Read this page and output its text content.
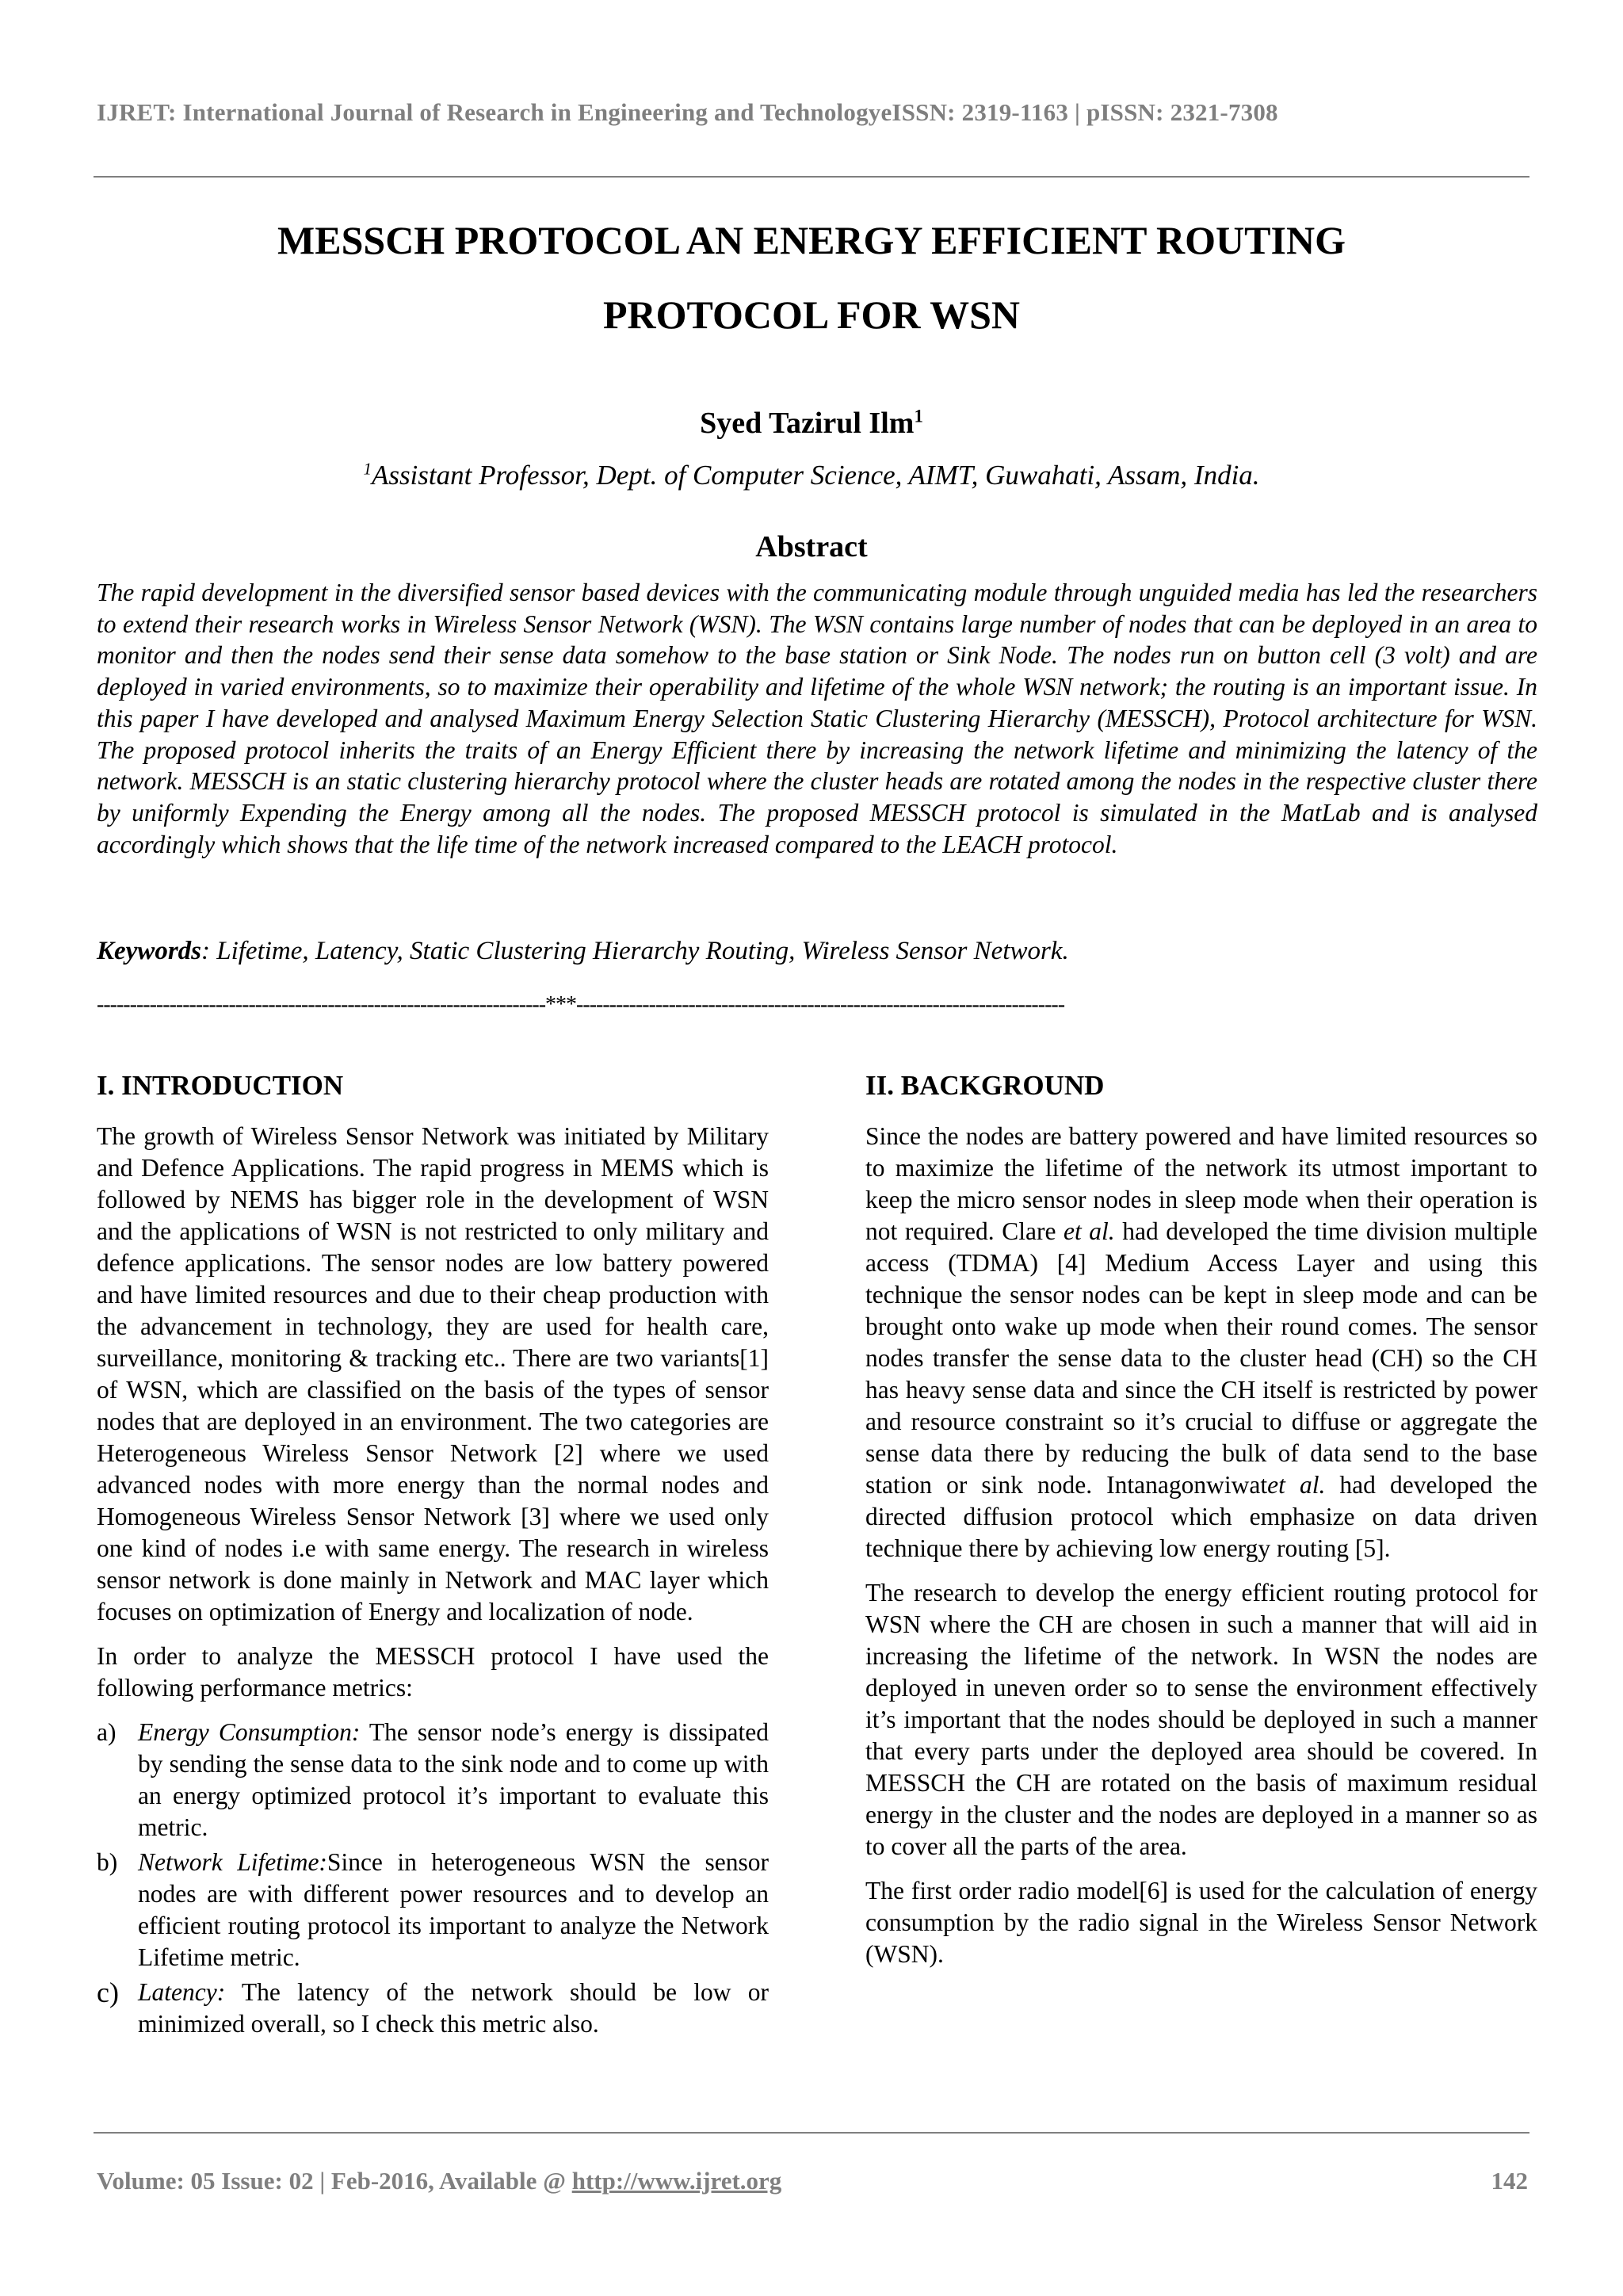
IJRET: International Journal of Research in Engineering and TechnologyeISSN: 2319-1163 | pISSN: 2321-7308
MESSCH PROTOCOL AN ENERGY EFFICIENT ROUTING
PROTOCOL FOR WSN
Syed Tazirul Ilm$^1$
$^1$Assistant Professor, Dept. of Computer Science, AIMT, Guwahati, Assam, India.
Abstract
The rapid development in the diversified sensor based devices with the communicating module through unguided media has led the researchers to extend their research works in Wireless Sensor Network (WSN). The WSN contains large number of nodes that can be deployed in an area to monitor and then the nodes send their sense data somehow to the base station or Sink Node. The nodes run on button cell (3 volt) and are deployed in varied environments, so to maximize their operability and lifetime of the whole WSN network; the routing is an important issue. In this paper I have developed and analysed Maximum Energy Selection Static Clustering Hierarchy (MESSCH), Protocol architecture for WSN. The proposed protocol inherits the traits of an Energy Efficient there by increasing the network lifetime and minimizing the latency of the network. MESSCH is an static clustering hierarchy protocol where the cluster heads are rotated among the nodes in the respective cluster there by uniformly Expending the Energy among all the nodes. The proposed MESSCH protocol is simulated in the MatLab and is analysed accordingly which shows that the life time of the network increased compared to the LEACH protocol.
Keywords: Lifetime, Latency, Static Clustering Hierarchy Routing, Wireless Sensor Network.
--------------------------------------------------------------------***--------------------------------------------------------------------------
I. INTRODUCTION

The growth of Wireless Sensor Network was initiated by Military and Defence Applications. The rapid progress in MEMS which is followed by NEMS has bigger role in the development of WSN and the applications of WSN is not restricted to only military and defence applications. The sensor nodes are low battery powered and have limited resources and due to their cheap production with the advancement in technology, they are used for health care, surveillance, monitoring & tracking etc.. There are two variants[1] of WSN, which are classified on the basis of the types of sensor nodes that are deployed in an environment. The two categories are Heterogeneous Wireless Sensor Network [2] where we used advanced nodes with more energy than the normal nodes and Homogeneous Wireless Sensor Network [3] where we used only one kind of nodes i.e with same energy. The research in wireless sensor network is done mainly in Network and MAC layer which focuses on optimization of Energy and localization of node.

In order to analyze the MESSCH protocol I have used the following performance metrics:

a) Energy Consumption: The sensor node’s energy is dissipated by sending the sense data to the sink node and to come up with an energy optimized protocol it’s important to evaluate this metric.
b) Network Lifetime:Since in heterogeneous WSN the sensor nodes are with different power resources and to develop an efficient routing protocol its important to analyze the Network Lifetime metric.
c) Latency: The latency of the network should be low or minimized overall, so I check this metric also.
II. BACKGROUND

Since the nodes are battery powered and have limited resources so to maximize the lifetime of the network its utmost important to keep the micro sensor nodes in sleep mode when their operation is not required. Clare et al. had developed the time division multiple access (TDMA) [4] Medium Access Layer and using this technique the sensor nodes can be kept in sleep mode and can be brought onto wake up mode when their round comes. The sensor nodes transfer the sense data to the cluster head (CH) so the CH has heavy sense data and since the CH itself is restricted by power and resource constraint so it’s crucial to diffuse or aggregate the sense data there by reducing the bulk of data send to the base station or sink node. Intanagonwiwatet al. had developed the directed diffusion protocol which emphasize on data driven technique there by achieving low energy routing [5].

The research to develop the energy efficient routing protocol for WSN where the CH are chosen in such a manner that will aid in increasing the lifetime of the network. In WSN the nodes are deployed in uneven order so to sense the environment effectively it’s important that the nodes should be deployed in such a manner that every parts under the deployed area should be covered. In MESSCH the CH are rotated on the basis of maximum residual energy in the cluster and the nodes are deployed in a manner so as to cover all the parts of the area.

The first order radio model[6] is used for the calculation of energy consumption by the radio signal in the Wireless Sensor Network (WSN).

Volume: 05 Issue: 02 | Feb-2016, Available @ http://www.ijret.org	142
